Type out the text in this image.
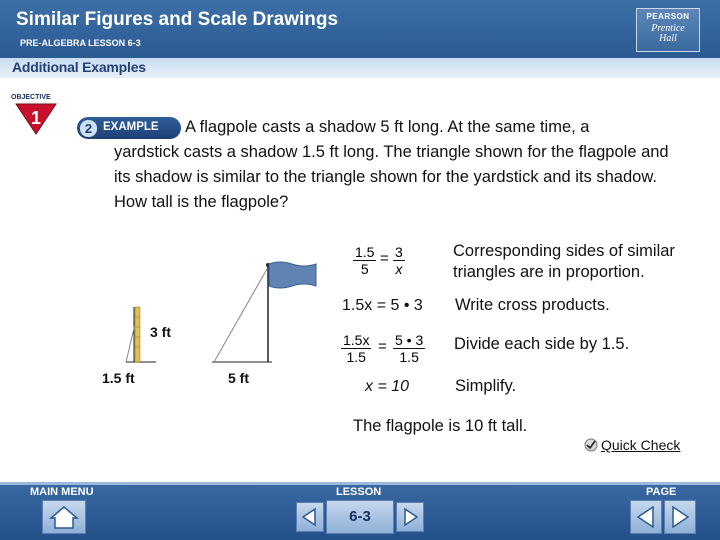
Similar Figures and Scale Drawings
PRE-ALGEBRA LESSON 6-3
PEARSON
Prentice
Hall
Additional Examples
OBJECTIVE
1
2 EXAMPLE	A flagpole casts a shadow 5 ft long. At the same time, a
yardstick casts a shadow 1.5 ft long. The triangle shown for the flagpole and its shadow is similar to the triangle shown for the yardstick and its shadow. How tall is the flagpole?
3 ft
1.5 ft	5 ft
$\frac{1.5}{5} = \frac{3}{x}$	Corresponding sides of similar triangles are in proportion.
1.5x = 5 • 3 Write cross products.
$\frac{1.5x}{1.5} = \frac{5 • 3}{1.5}$ Divide each side by 1.5.
x = 10	Simplify.
The flagpole is 10 ft tall.
Quick Check
MAIN MENU	LESSON	PAGE
6-3
